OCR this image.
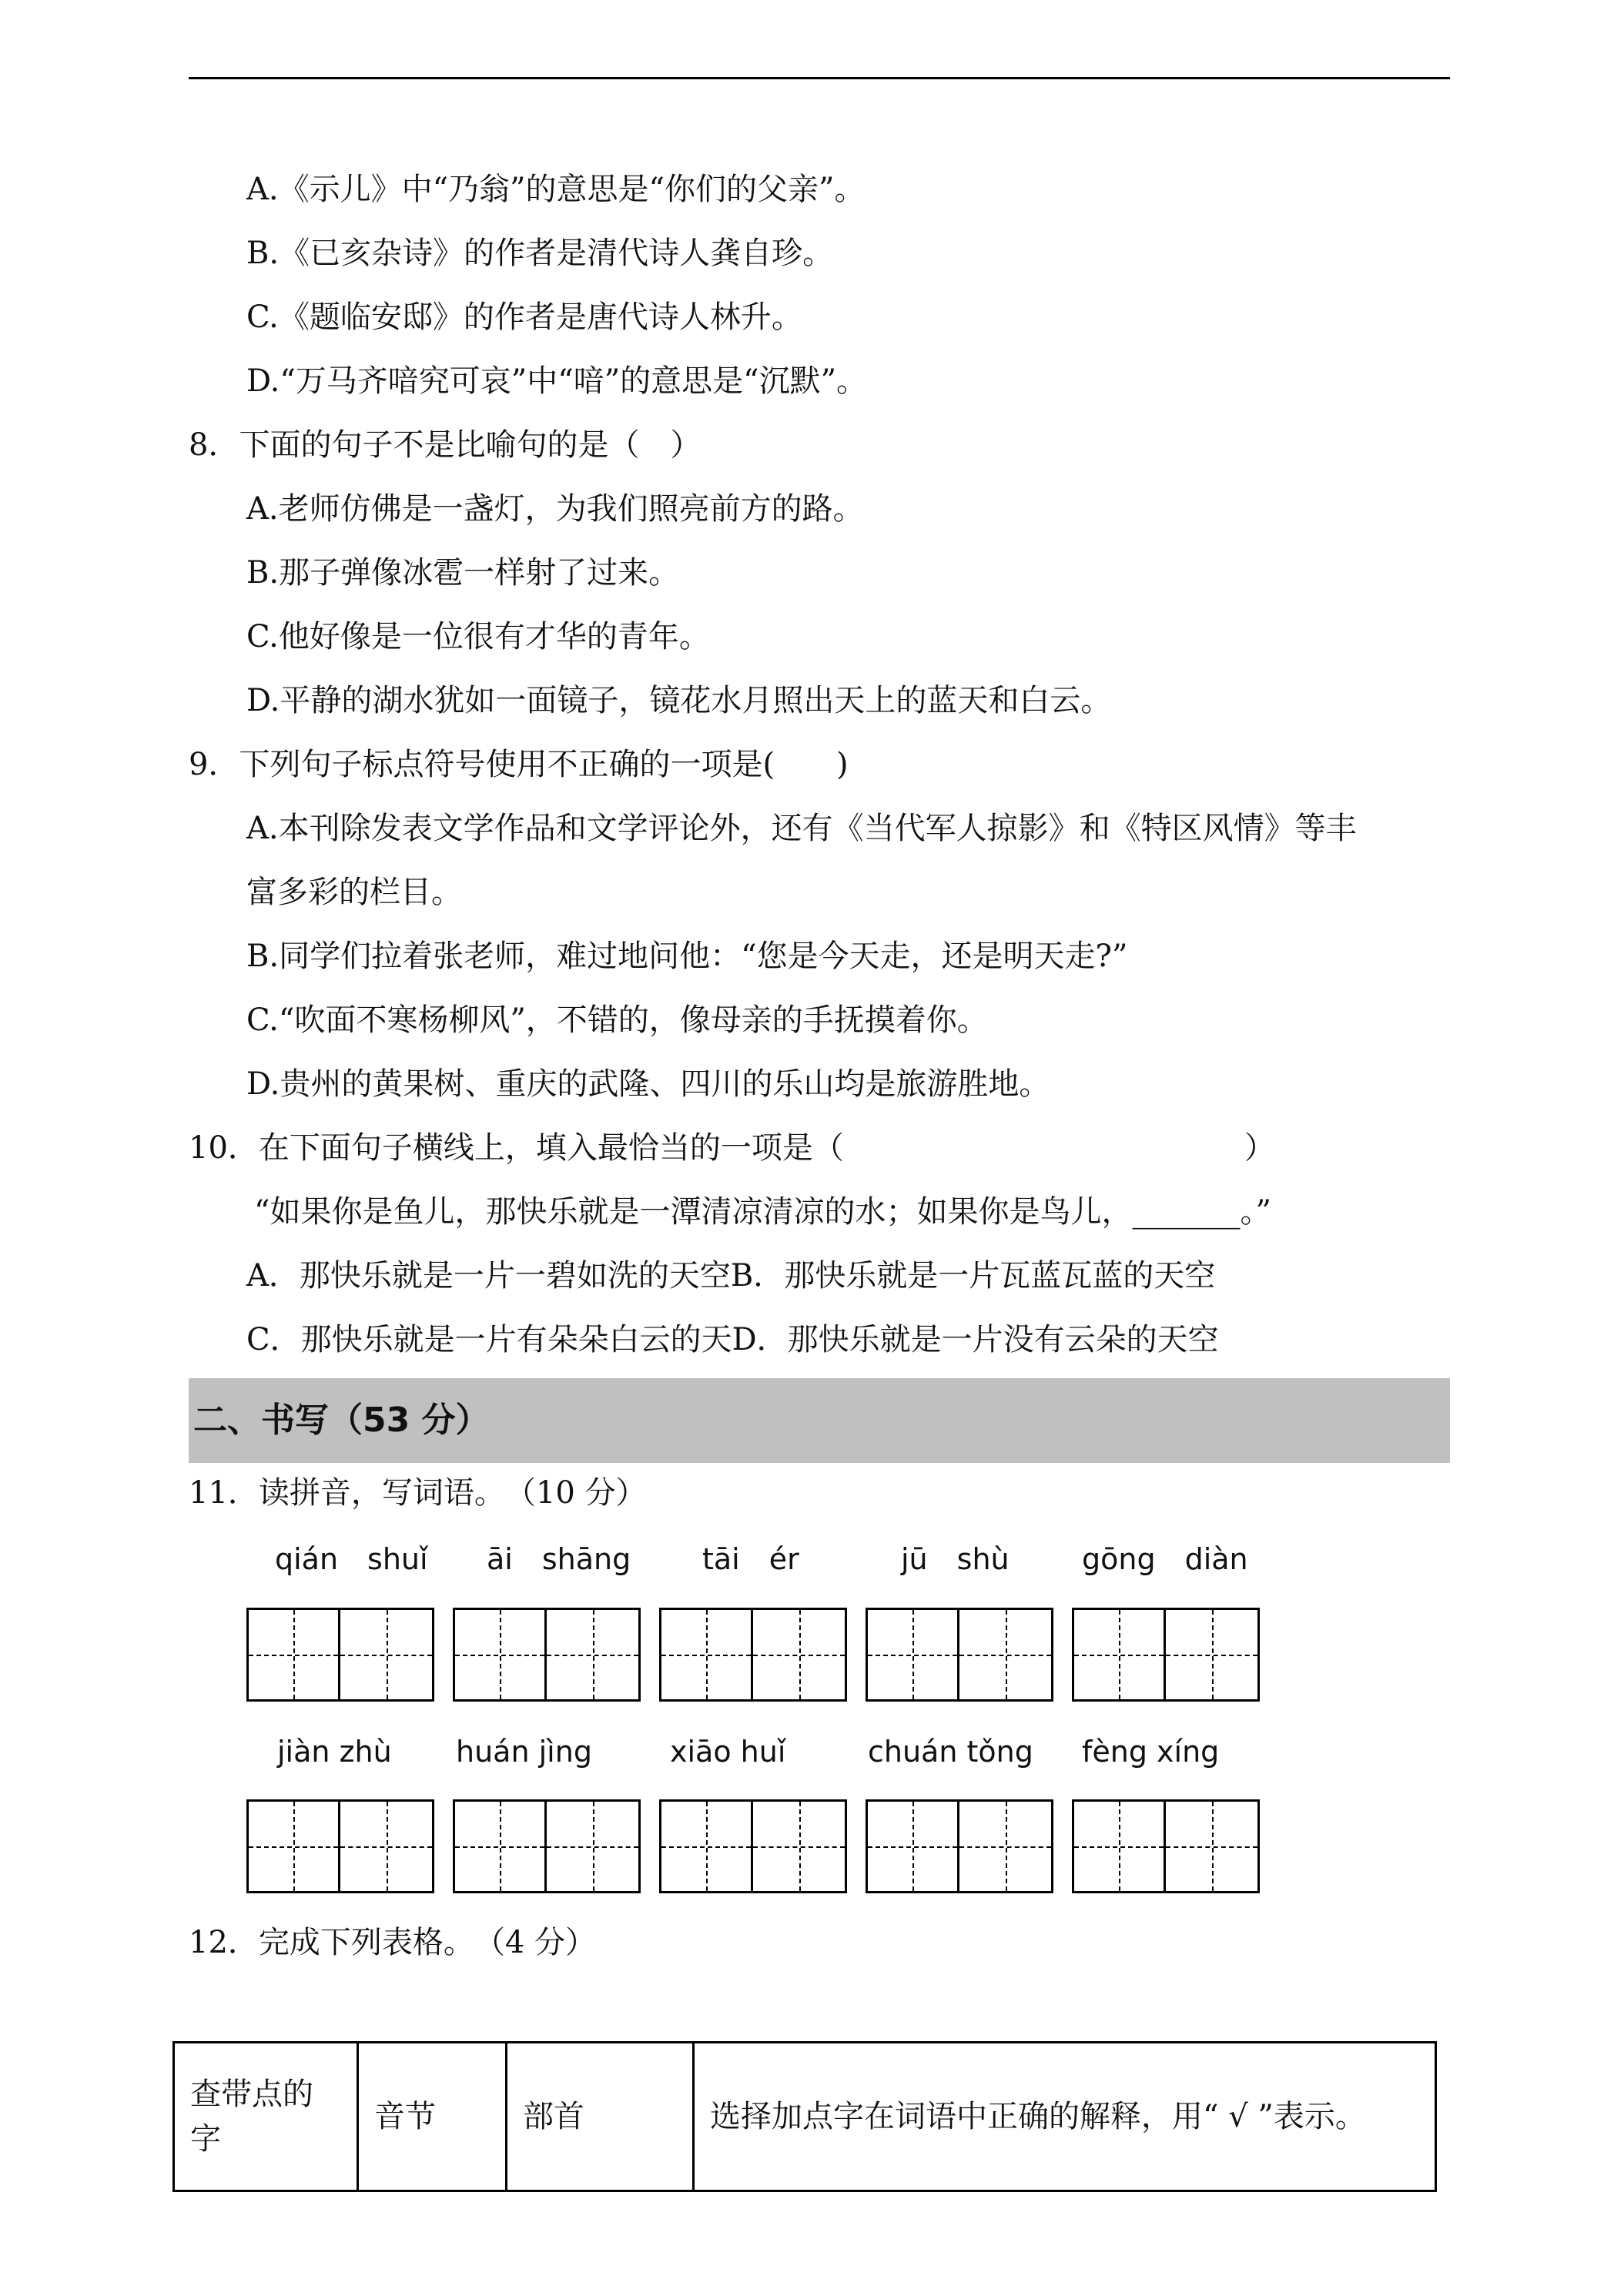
A.《示儿》中“乃翁”的意思是“你们的父亲”。
B.《已亥杂诗》的作者是清代诗人龚自珍。
C.《题临安邸》的作者是唐代诗人林升。
D.“万马齐喑究可哀”中“喑”的意思是“沉默”。
8．下面的句子不是比喻句的是（　）
A.老师仿佛是一盏灯，为我们照亮前方的路。
B.那子弹像冰雹一样射了过来。
C.他好像是一位很有才华的青年。
D.平静的湖水犹如一面镜子，镜花水月照出天上的蓝天和白云。
9．下列句子标点符号使用不正确的一项是(　　)
A.本刊除发表文学作品和文学评论外，还有《当代军人掠影》和《特区风情》等丰
富多彩的栏目。
B.同学们拉着张老师，难过地问他：“您是今天走，还是明天走?”
C.“吹面不寒杨柳风”，不错的，像母亲的手抚摸着你。
D.贵州的黄果树、重庆的武隆、四川的乐山均是旅游胜地。
10．在下面句子横线上，填入最恰当的一项是（　　　　　　　　　　　　　）
“如果你是鱼儿，那快乐就是一潭清凉清凉的水；如果你是鸟儿，_______。”
A．那快乐就是一片一碧如洗的天空B．那快乐就是一片瓦蓝瓦蓝的天空
C．那快乐就是一片有朵朵白云的天D．那快乐就是一片没有云朵的天空
二、书写（53 分）
11．读拼音，写词语。　（10 分）
qián　shuǐ āi　shāng tāi　ér	jū　shù gōng　diàn
jiàn zhù huán jìng	xiāo huǐ	chuán tǒng fèng xíng
12．完成下列表格。　（4 分）
查带点的字	音节	部首	选择加点字在词语中正确的解释，用“ √ ”表示。
